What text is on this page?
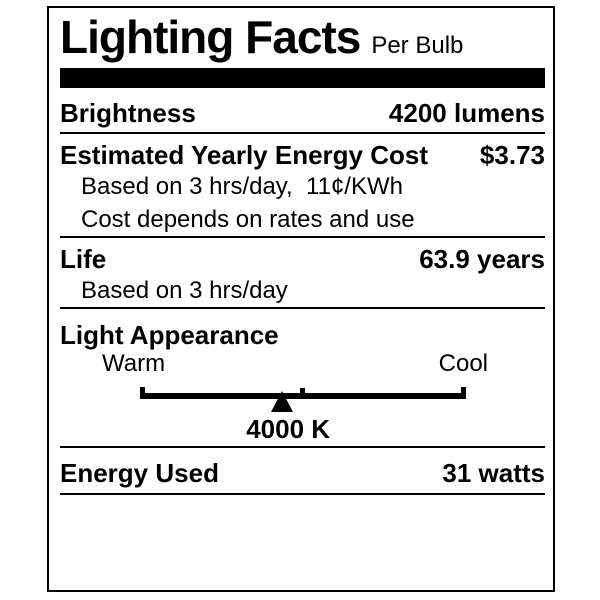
Lighting Facts Per Bulb
Brightness	4200 lumens
Estimated Yearly Energy Cost $3.73
Based on 3 hrs/day,  11¢/KWh
Cost depends on rates and use
Life	63.9 years
Based on 3 hrs/day
Light Appearance
Warm	Cool
4000 K
Energy Used	31 watts
